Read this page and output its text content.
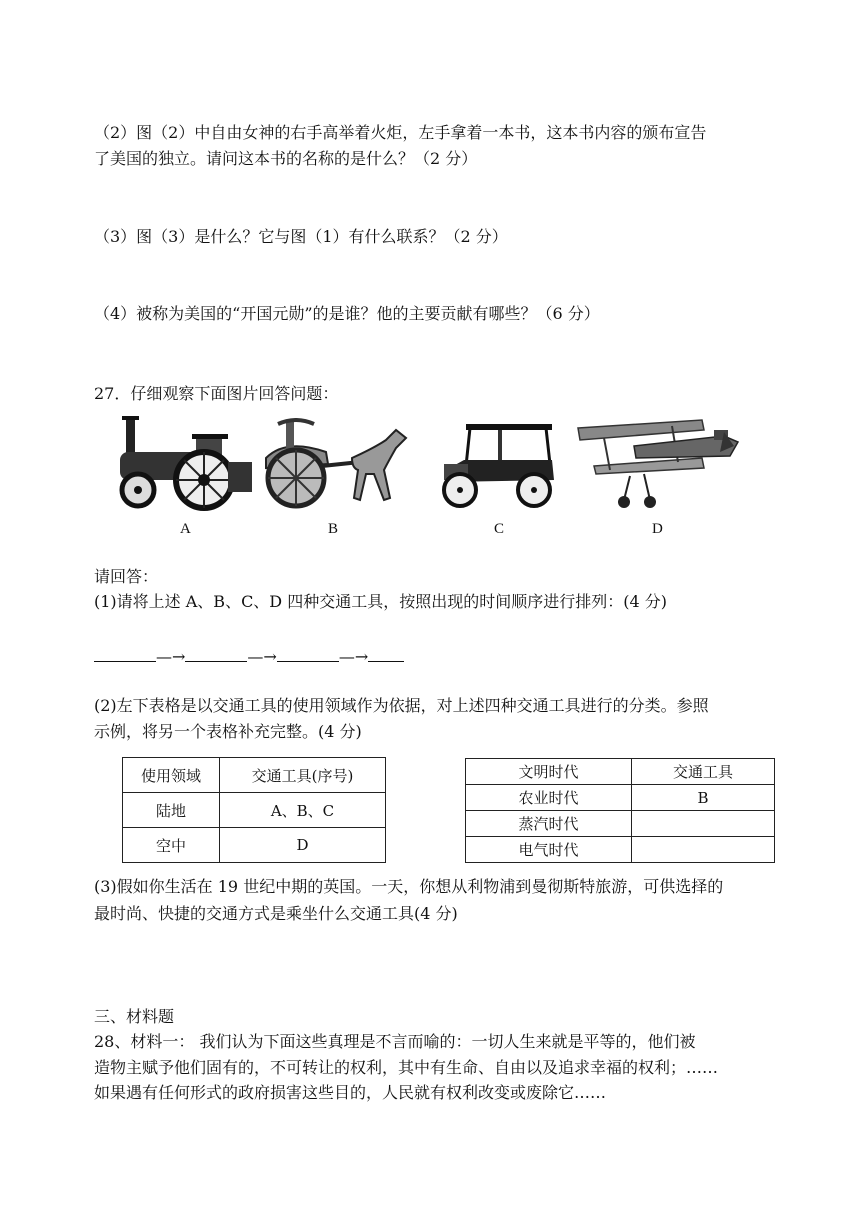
（2）图（2）中自由女神的右手高举着火炬，左手拿着一本书，这本书内容的颁布宣告
了美国的独立。请问这本书的名称的是什么？（2 分）
（3）图（3）是什么？它与图（1）有什么联系？（2 分）
（4）被称为美国的“开国元勋”的是谁？他的主要贡献有哪些？（6 分）
27．仔细观察下面图片回答问题：
A	B	C	D
请回答：
(1)请将上述 A、B、C、D 四种交通工具，按照出现的时间顺序进行排列：(4 分)
—→	—→	—→
(2)左下表格是以交通工具的使用领域作为依据，对上述四种交通工具进行的分类。参照
示例，将另一个表格补充完整。(4 分)
使用领域	交通工具(序号)
陆地	A、B、C
空中	D
文明时代	交通工具
农业时代	B
蒸汽时代	
电气时代	
(3)假如你生活在 19 世纪中期的英国。一天，你想从利物浦到曼彻斯特旅游，可供选择的
最时尚、快捷的交通方式是乘坐什么交通工具(4 分)
三、材料题
28、材料一： 我们认为下面这些真理是不言而喻的：一切人生来就是平等的，他们被
造物主赋予他们固有的，不可转让的权利，其中有生命、自由以及追求幸福的权利；……
如果遇有任何形式的政府损害这些目的，人民就有权利改变或废除它……
